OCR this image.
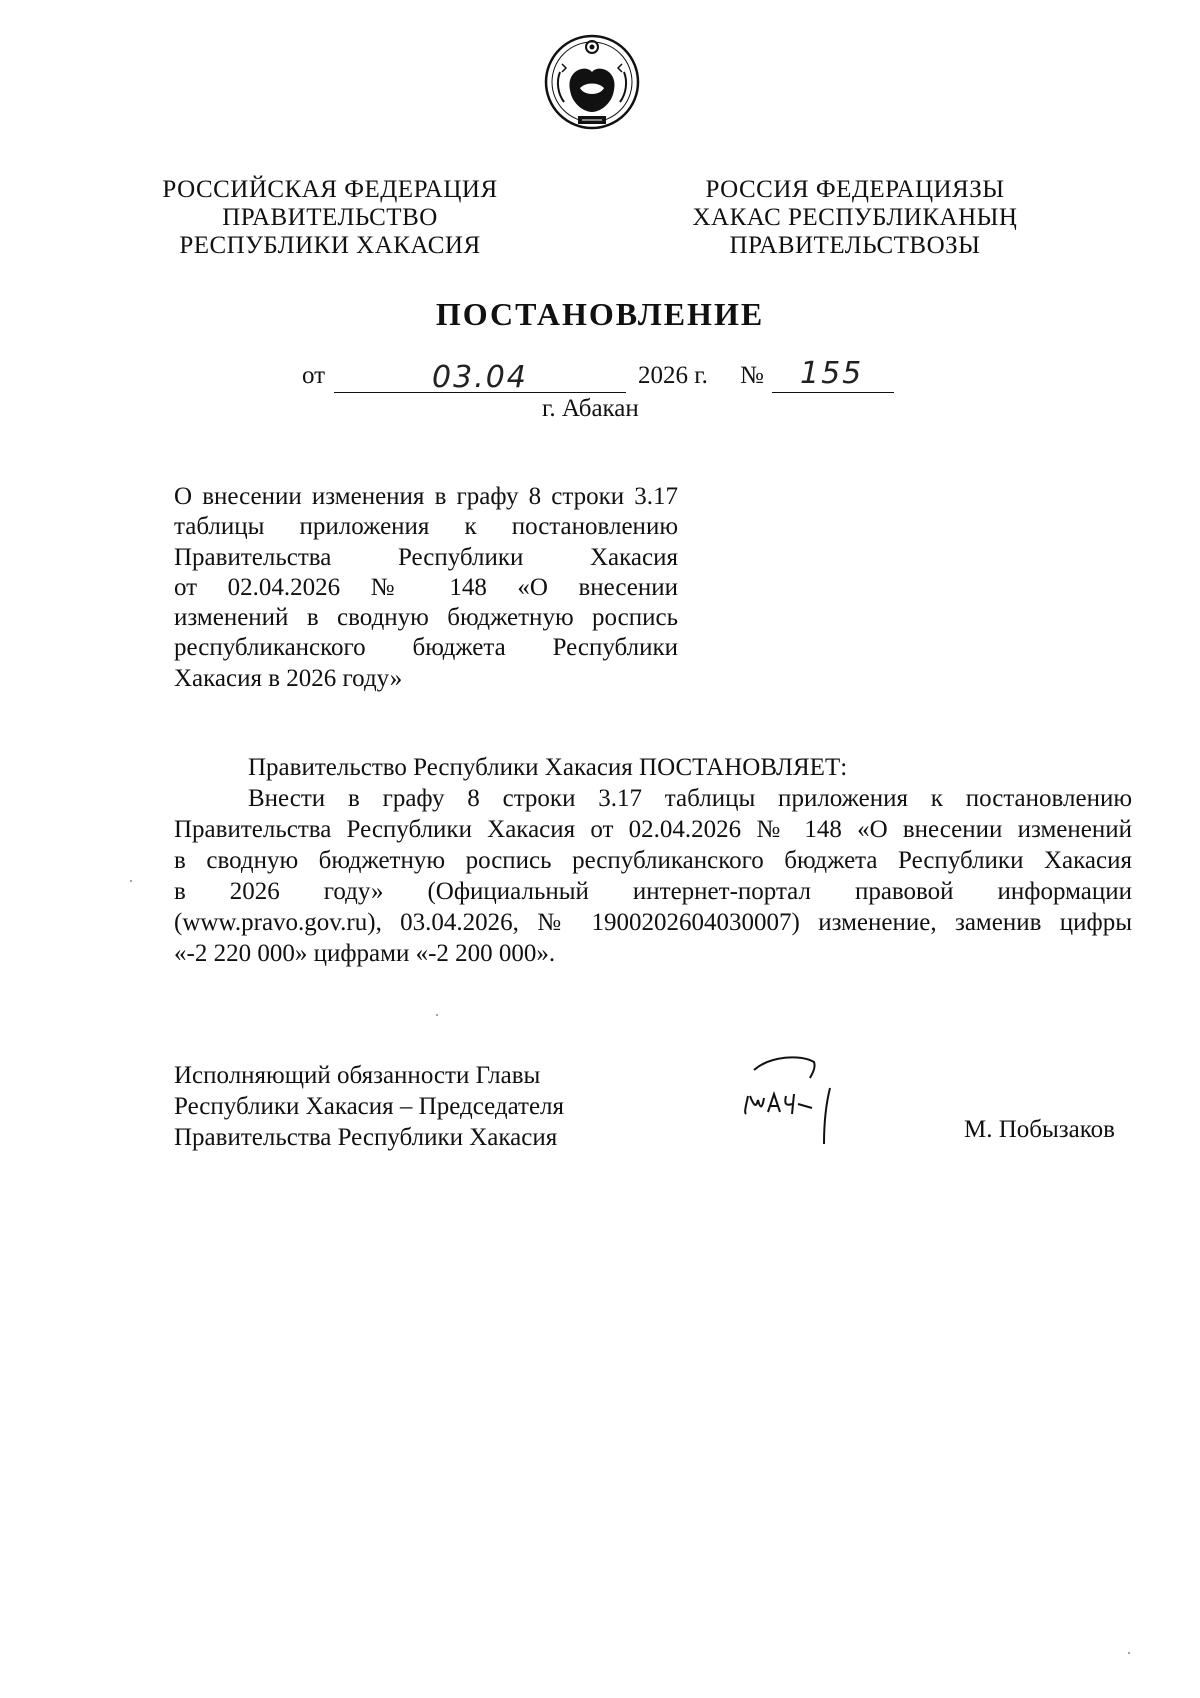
РОССИЙСКАЯ ФЕДЕРАЦИЯ
ПРАВИТЕЛЬСТВО
РЕСПУБЛИКИ ХАКАСИЯ
РОССИЯ ФЕДЕРАЦИЯЗЫ
ХАКАС РЕСПУБЛИКАНЫҢ
ПРАВИТЕЛЬСТВОЗЫ
ПОСТАНОВЛЕНИЕ
от	03.04	2026 г. № 155
г. Абакан
О внесении изменения в графу 8 строки 3.17
таблицы приложения к постановлению
Правительства Республики Хакасия
от 02.04.2026 № 148 «О внесении
изменений в сводную бюджетную роспись
республиканского бюджета Республики
Хакасия в 2026 году»
Правительство Республики Хакасия ПОСТАНОВЛЯЕТ:
Внести в графу 8 строки 3.17 таблицы приложения к постановлению
Правительства Республики Хакасия от 02.04.2026 № 148 «О внесении изменений
в сводную бюджетную роспись республиканского бюджета Республики Хакасия
в 2026 году» (Официальный интернет-портал правовой информации
(www.pravo.gov.ru), 03.04.2026, № 1900202604030007) изменение, заменив цифры
«-2 220 000» цифрами «-2 200 000».
Исполняющий обязанности Главы
Республики Хакасия – Председателя
Правительства Республики Хакасия	М. Побызаков
